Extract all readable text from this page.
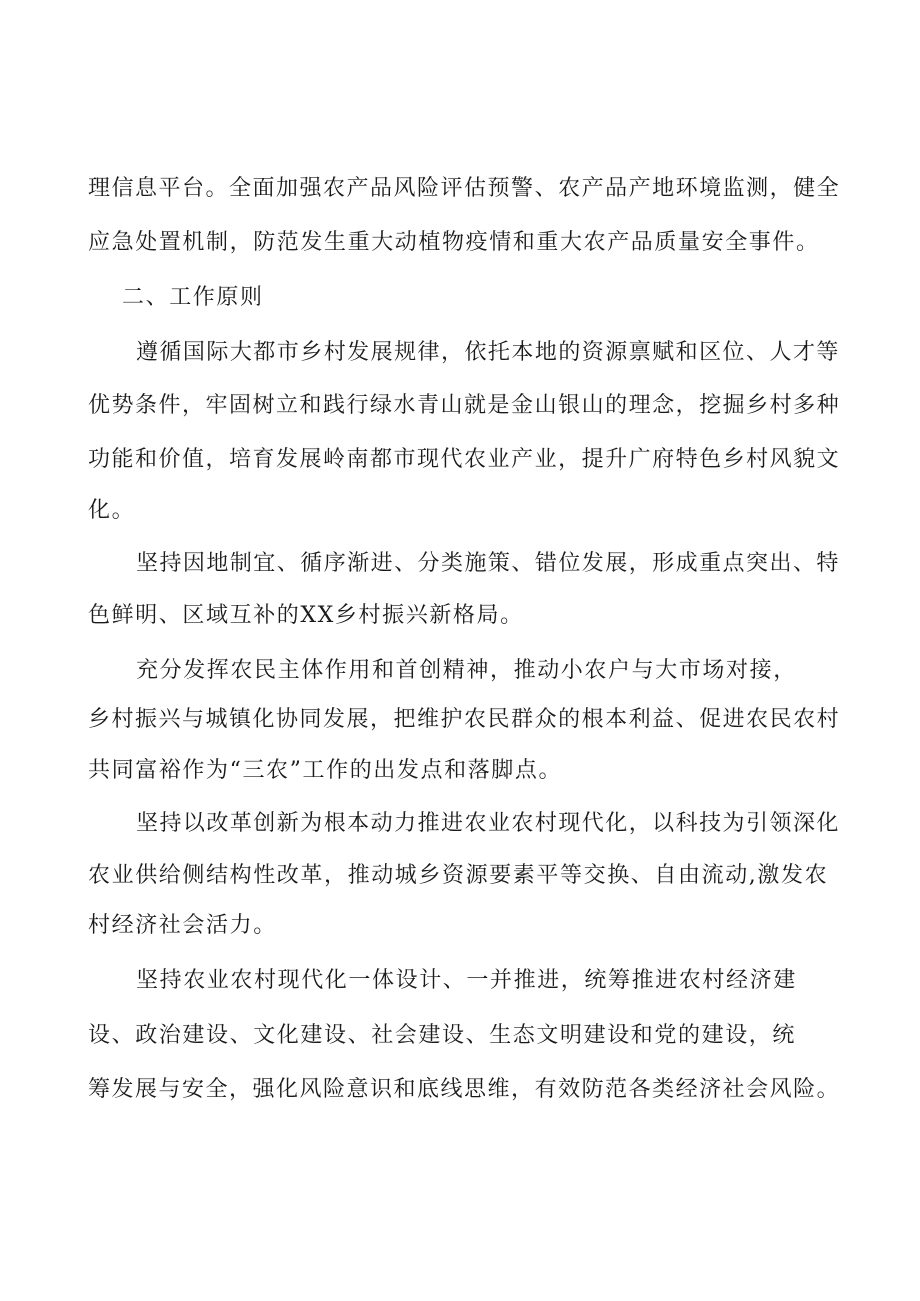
理信息平台。全面加强农产品风险评估预警、农产品产地环境监测，健全
应急处置机制，防范发生重大动植物疫情和重大农产品质量安全事件。
二、工作原则
遵循国际大都市乡村发展规律，依托本地的资源禀赋和区位、人才等
优势条件，牢固树立和践行绿水青山就是金山银山的理念，挖掘乡村多种
功能和价值，培育发展岭南都市现代农业产业，提升广府特色乡村风貌文
化。
坚持因地制宜、循序渐进、分类施策、错位发展，形成重点突出、特
色鲜明、区域互补的XX乡村振兴新格局。
充分发挥农民主体作用和首创精神，推动小农户与大市场对接，
乡村振兴与城镇化协同发展，把维护农民群众的根本利益、促进农民农村
共同富裕作为“三农”工作的出发点和落脚点。
坚持以改革创新为根本动力推进农业农村现代化，以科技为引领深化
农业供给侧结构性改革，推动城乡资源要素平等交换、自由流动,激发农
村经济社会活力。
坚持农业农村现代化一体设计、一并推进，统筹推进农村经济建
设、政治建设、文化建设、社会建设、生态文明建设和党的建设，统
筹发展与安全，强化风险意识和底线思维，有效防范各类经济社会风险。
